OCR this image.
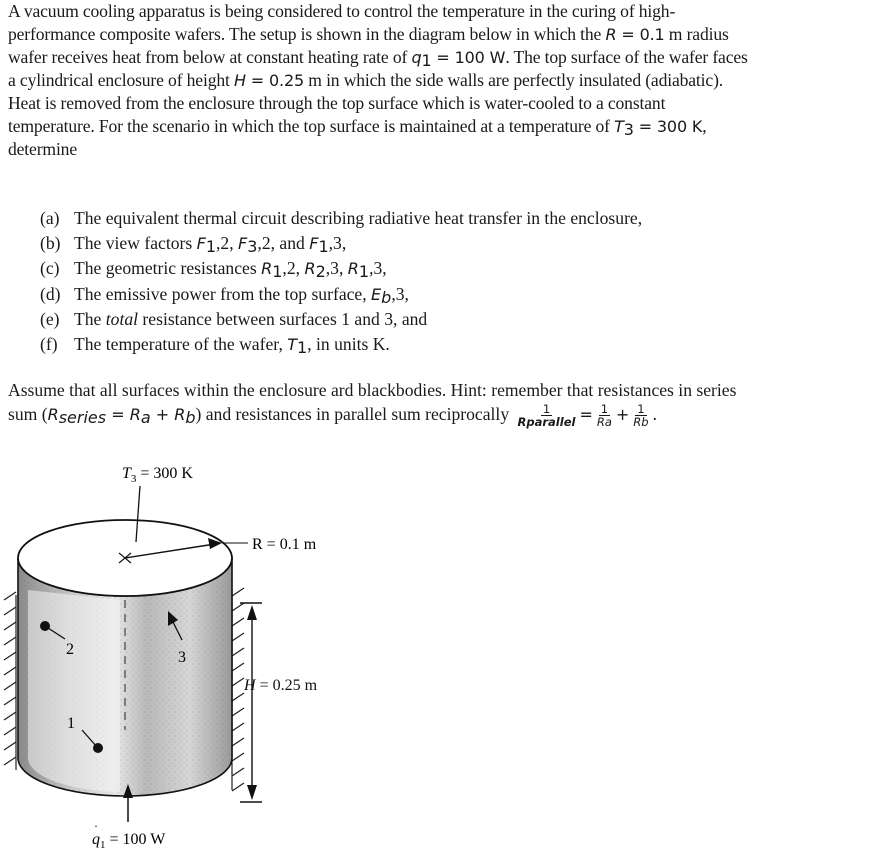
A vacuum cooling apparatus is being considered to control the temperature in the curing of high-
performance composite wafers. The setup is shown in the diagram below in which the R = 0.1 m radius
wafer receives heat from below at constant heating rate of $q_1 = 100$ W. The top surface of the wafer faces
a cylindrical enclosure of height H = 0.25 m in which the side walls are perfectly insulated (adiabatic).
Heat is removed from the enclosure through the top surface which is water-cooled to a constant
temperature. For the scenario in which the top surface is maintained at a temperature of $T_3 = 300$ K,
determine
(a) The equivalent thermal circuit describing radiative heat transfer in the enclosure,
(b) The view factors $F_1,2$, $F_3,2$, and $F_1,3$,
(c) The geometric resistances $R_1,2$, $R_2,3$, $R_1,3$,
(d) The emissive power from the top surface, $E_b,3$,
(e) The total resistance between surfaces 1 and 3, and
(f) The temperature of the wafer, $T_1$, in units K.
Assume that all surfaces within the enclosure ard blackbodies. Hint: remember that resistances in series
sum $(R_{series} = R_a + R_b)$ and resistances in parallel sum reciprocally $\frac{1}{\text{Rparallel}} = \frac{1}{Ra} + \frac{1}{Rb}$ .
R = 0.1 m
$T_3 = 300$ K
H = 0.25 m
2	3
1
$q_1 = 100$ W
·
